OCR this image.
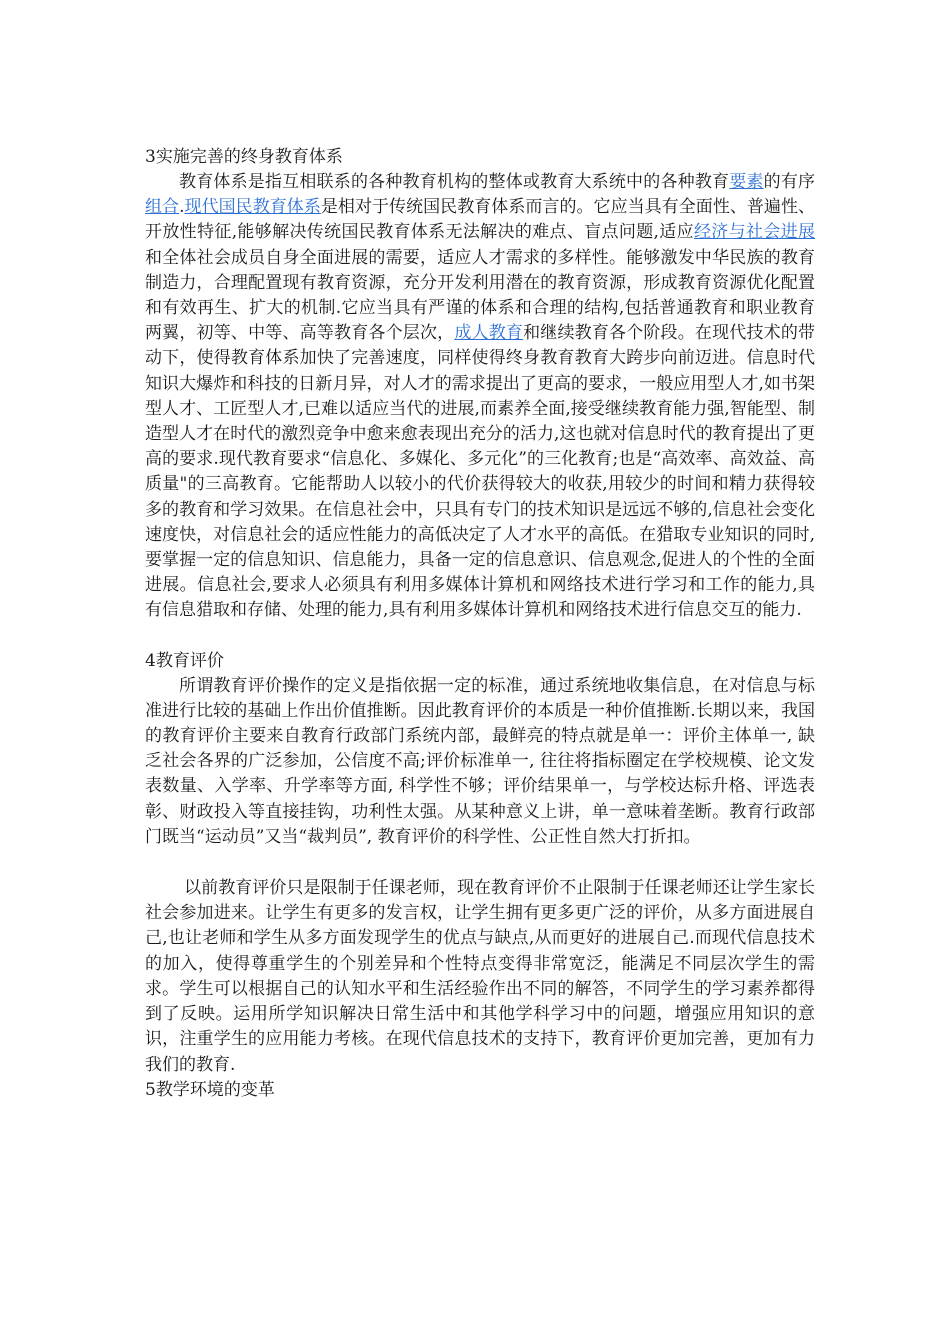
3实施完善的终身教育体系

教育体系是指互相联系的各种教育机构的整体或教育大系统中的各种教育要素的有序组合.现代国民教育体系是相对于传统国民教育体系而言的。它应当具有全面性、普遍性、开放性特征,能够解决传统国民教育体系无法解决的难点、盲点问题,适应经济与社会进展和全体社会成员自身全面进展的需要，适应人才需求的多样性。能够激发中华民族的教育制造力，合理配置现有教育资源，充分开发利用潜在的教育资源，形成教育资源优化配置和有效再生、扩大的机制.它应当具有严谨的体系和合理的结构,包括普通教育和职业教育两翼，初等、中等、高等教育各个层次，成人教育和继续教育各个阶段。在现代技术的带动下，使得教育体系加快了完善速度，同样使得终身教育教育大跨步向前迈进。信息时代知识大爆炸和科技的日新月异，对人才的需求提出了更高的要求，一般应用型人才,如书架型人才、工匠型人才,已难以适应当代的进展,而素养全面,接受继续教育能力强,智能型、制造型人才在时代的激烈竞争中愈来愈表现出充分的活力,这也就对信息时代的教育提出了更高的要求.现代教育要求“信息化、多媒化、多元化”的三化教育;也是“高效率、高效益、高质量"的三高教育。它能帮助人以较小的代价获得较大的收获,用较少的时间和精力获得较多的教育和学习效果。在信息社会中，只具有专门的技术知识是远远不够的,信息社会变化速度快，对信息社会的适应性能力的高低决定了人才水平的高低。在猎取专业知识的同时,要掌握一定的信息知识、信息能力，具备一定的信息意识、信息观念,促进人的个性的全面进展。信息社会,要求人必须具有利用多媒体计算机和网络技术进行学习和工作的能力,具有信息猎取和存储、处理的能力,具有利用多媒体计算机和网络技术进行信息交互的能力.

4教育评价

所谓教育评价操作的定义是指依据一定的标准，通过系统地收集信息，在对信息与标准进行比较的基础上作出价值推断。因此教育评价的本质是一种价值推断.长期以来，我国的教育评价主要来自教育行政部门系统内部，最鲜亮的特点就是单一：评价主体单一, 缺乏社会各界的广泛参加，公信度不高;评价标准单一, 往往将指标圈定在学校规模、论文发表数量、入学率、升学率等方面, 科学性不够；评价结果单一，与学校达标升格、评选表彰、财政投入等直接挂钩，功利性太强。从某种意义上讲，单一意味着垄断。教育行政部门既当“运动员”又当“裁判员”, 教育评价的科学性、公正性自然大打折扣。

以前教育评价只是限制于任课老师，现在教育评价不止限制于任课老师还让学生家长社会参加进来。让学生有更多的发言权，让学生拥有更多更广泛的评价，从多方面进展自己,也让老师和学生从多方面发现学生的优点与缺点,从而更好的进展自己.而现代信息技术的加入，使得尊重学生的个别差异和个性特点变得非常宽泛，能满足不同层次学生的需求。学生可以根据自己的认知水平和生活经验作出不同的解答，不同学生的学习素养都得到了反映。运用所学知识解决日常生活中和其他学科学习中的问题，增强应用知识的意识，注重学生的应用能力考核。在现代信息技术的支持下，教育评价更加完善，更加有力我们的教育.

5教学环境的变革
